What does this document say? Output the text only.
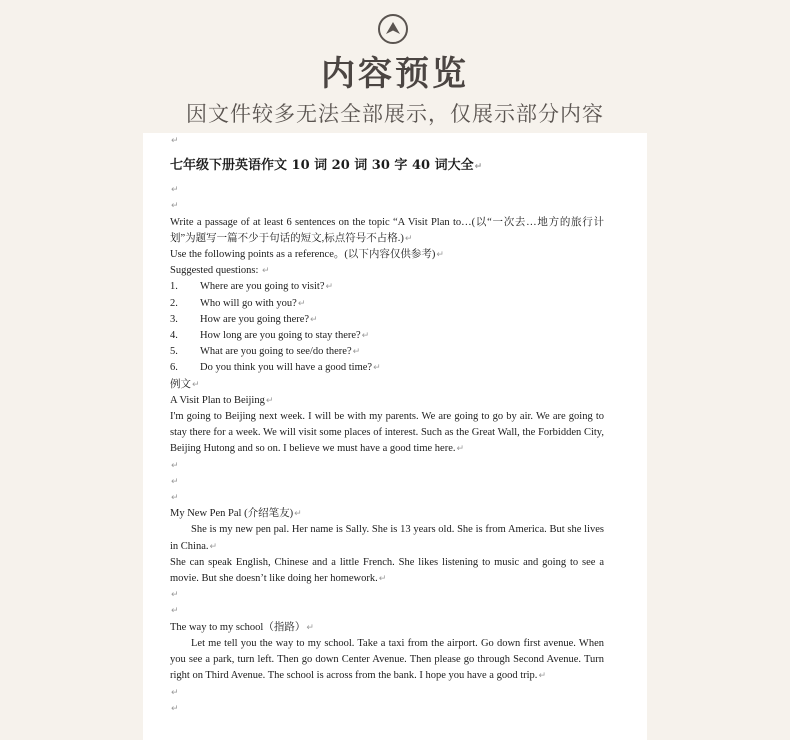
内容预览
因文件较多无法全部展示，仅展示部分内容
↵
七年级下册英语作文 10 词 20 词 30 字 40 词大全↵
↵
↵
Write a passage of at least 6 sentences on the topic “A Visit Plan to…(以“一次去…地方的旅行计划”为题写一篇不少于句话的短文,标点符号不占格.)↵
Use the following points as a reference。(以下内容仅供参考)↵
Suggested questions: ↵
1.	Where are you going to visit? ↵
2.	Who will go with you? ↵
3.	How are you going there? ↵
4.	How long are you going to stay there? ↵
5.	What are you going to see/do there? ↵
6.	Do you think you will have a good time? ↵
例文↵
A Visit Plan to Beijing↵
I'm going to Beijing next week. I will be with my parents. We are going to go by air. We are going to stay there for a week. We will visit some places of interest. Such as the Great Wall, the Forbidden City, Beijing Hutong and so on. I believe we must have a good time here.↵
↵
↵
↵
My New Pen Pal (介绍笔友)↵
She is my new pen pal. Her name is Sally. She is 13 years old. She is from America. But she lives in China.↵
She can speak English, Chinese and a little French. She likes listening to music and going to see a movie. But she doesn’t like doing her homework.↵
↵
↵
The way to my school（指路）↵
Let me tell you the way to my school. Take a taxi from the airport. Go down first avenue. When you see a park, turn left. Then go down Center Avenue. Then please go through Second Avenue. Turn right on Third Avenue. The school is across from the bank. I hope you have a good trip.↵
↵
↵
